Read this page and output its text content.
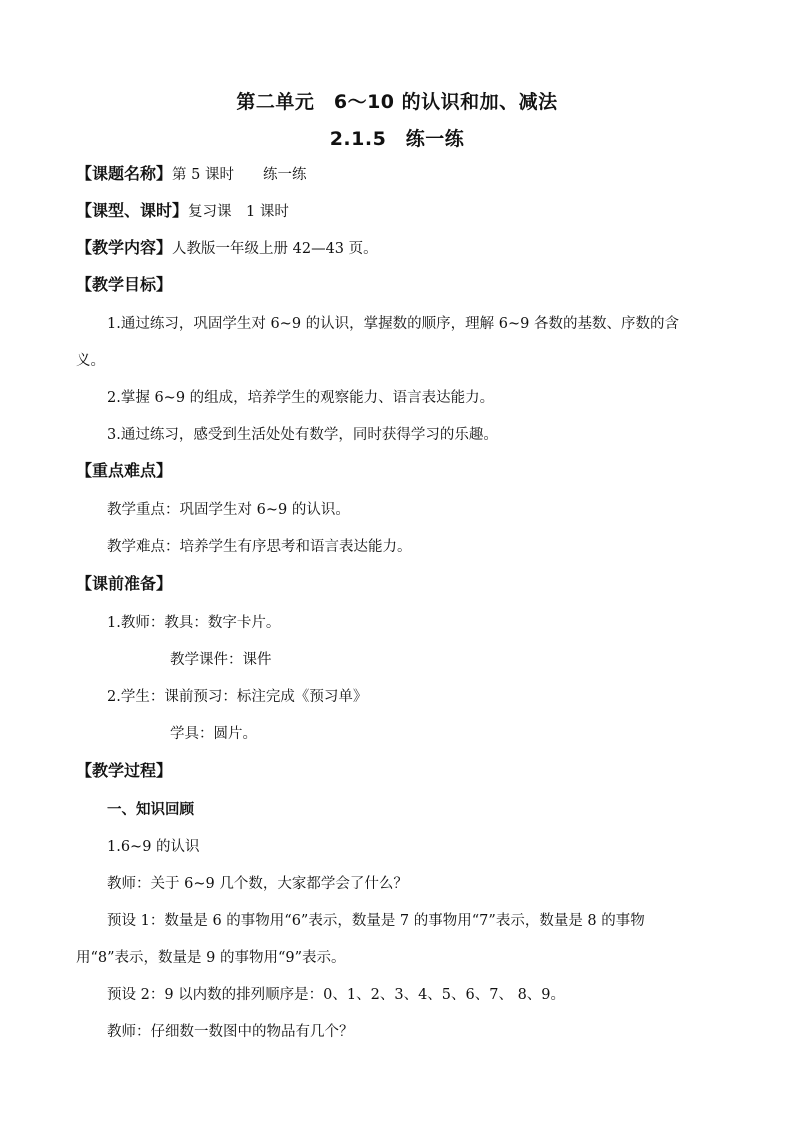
第二单元　6～10 的认识和加、减法
2.1.5　练一练
【课题名称】第 5 课时　　练一练
【课型、课时】复习课　1 课时
【教学内容】人教版一年级上册 42—43 页。
【教学目标】
1.通过练习，巩固学生对 6~9 的认识，掌握数的顺序，理解 6~9 各数的基数、序数的含
义。
2.掌握 6~9 的组成，培养学生的观察能力、语言表达能力。
3.通过练习，感受到生活处处有数学，同时获得学习的乐趣。
【重点难点】
教学重点：巩固学生对 6~9 的认识。
教学难点：培养学生有序思考和语言表达能力。
【课前准备】
1.教师：教具：数字卡片。
教学课件：课件
2.学生：课前预习：标注完成《预习单》
学具：圆片。
【教学过程】
一、知识回顾
1.6~9 的认识
教师：关于 6~9 几个数，大家都学会了什么？
预设 1：数量是 6 的事物用“6”表示，数量是 7 的事物用“7”表示，数量是 8 的事物
用“8”表示，数量是 9 的事物用“9”表示。
预设 2：9 以内数的排列顺序是：0、1、2、3、4、5、6、7、 8、9。
教师：仔细数一数图中的物品有几个？
